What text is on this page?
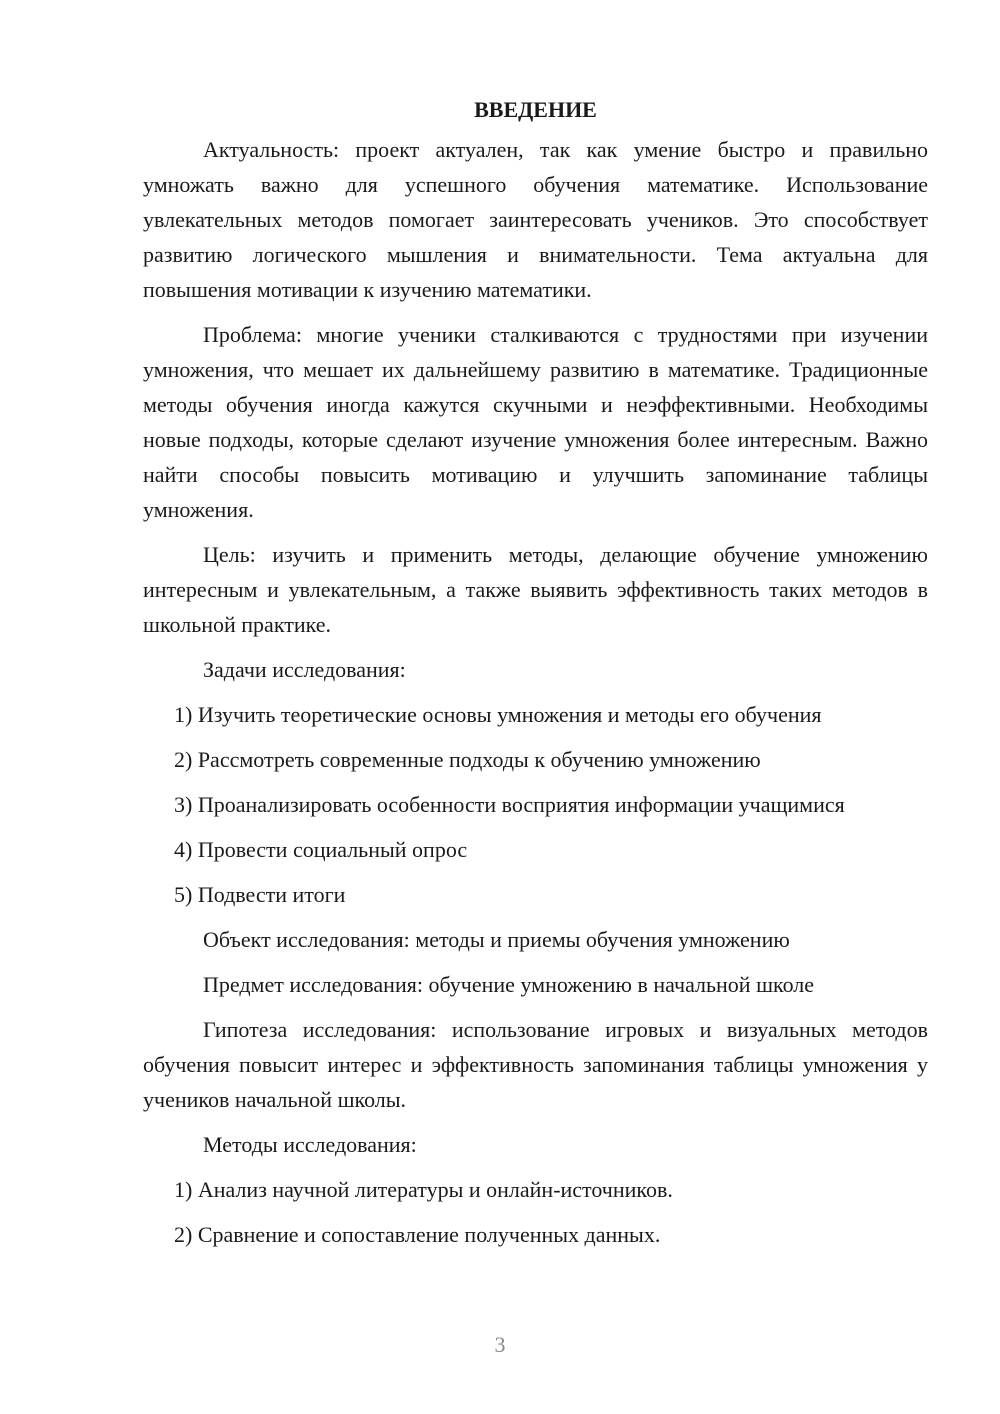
ВВЕДЕНИЕ

Актуальность: проект актуален, так как умение быстро и правильно умножать важно для успешного обучения математике. Использование увлекательных методов помогает заинтересовать учеников. Это способствует развитию логического мышления и внимательности. Тема актуальна для повышения мотивации к изучению математики.

Проблема: многие ученики сталкиваются с трудностями при изучении умножения, что мешает их дальнейшему развитию в математике. Традиционные методы обучения иногда кажутся скучными и неэффективными. Необходимы новые подходы, которые сделают изучение умножения более интересным. Важно найти способы повысить мотивацию и улучшить запоминание таблицы умножения.

Цель: изучить и применить методы, делающие обучение умножению интересным и увлекательным, а также выявить эффективность таких методов в школьной практике.

Задачи исследования:

1) Изучить теоретические основы умножения и методы его обучения

2) Рассмотреть современные подходы к обучению умножению

3) Проанализировать особенности восприятия информации учащимися

4) Провести социальный опрос

5) Подвести итоги

Объект исследования: методы и приемы обучения умножению

Предмет исследования: обучение умножению в начальной школе

Гипотеза исследования: использование игровых и визуальных методов обучения повысит интерес и эффективность запоминания таблицы умножения у учеников начальной школы.

Методы исследования:

1) Анализ научной литературы и онлайн-источников.

2) Сравнение и сопоставление полученных данных.

3
